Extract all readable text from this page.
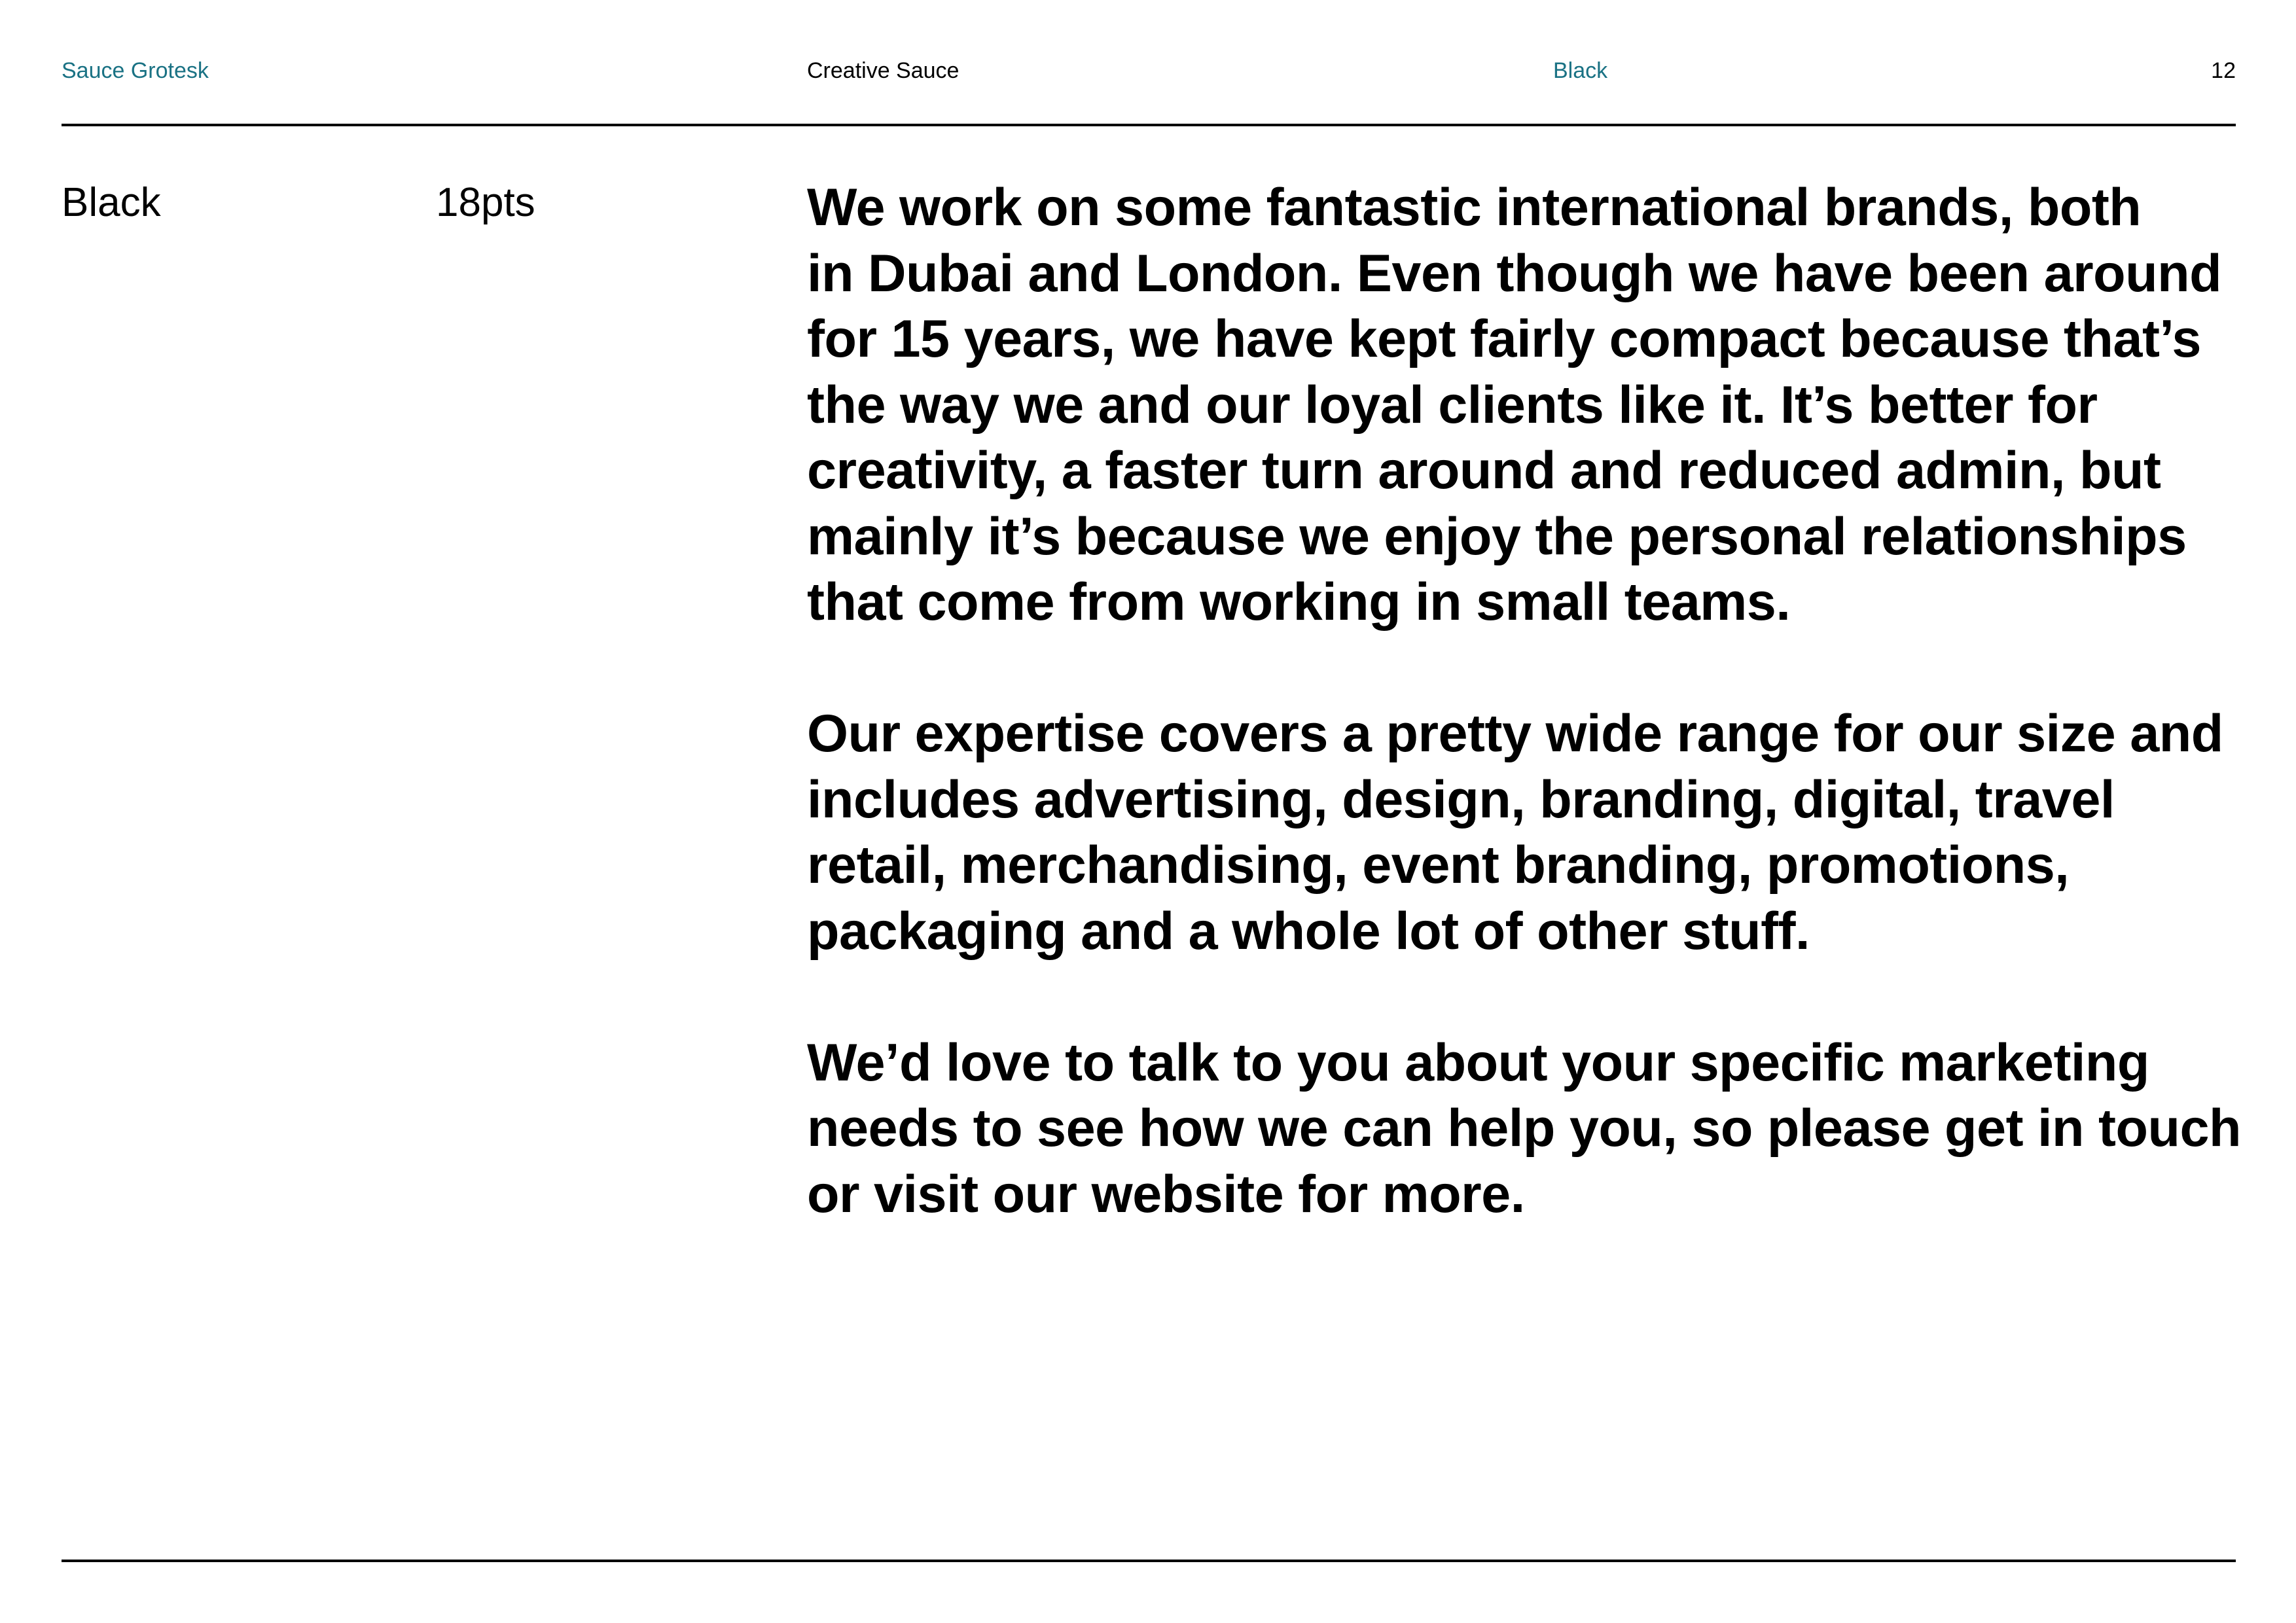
Sauce Grotesk	Creative Sauce	Black	12
Black	18pts	We work on some fantastic international brands, both
in Dubai and London. Even though we have been around
for 15 years, we have kept fairly compact because that’s
the way we and our loyal clients like it. It’s better for
creativity, a faster turn around and reduced admin, but
mainly it’s because we enjoy the personal relationships
that come from working in small teams.

Our expertise covers a pretty wide range for our size and
includes advertising, design, branding, digital, travel
retail, merchandising, event branding, promotions,
packaging and a whole lot of other stuff.

We’d love to talk to you about your specific marketing
needs to see how we can help you, so please get in touch
or visit our website for more.
